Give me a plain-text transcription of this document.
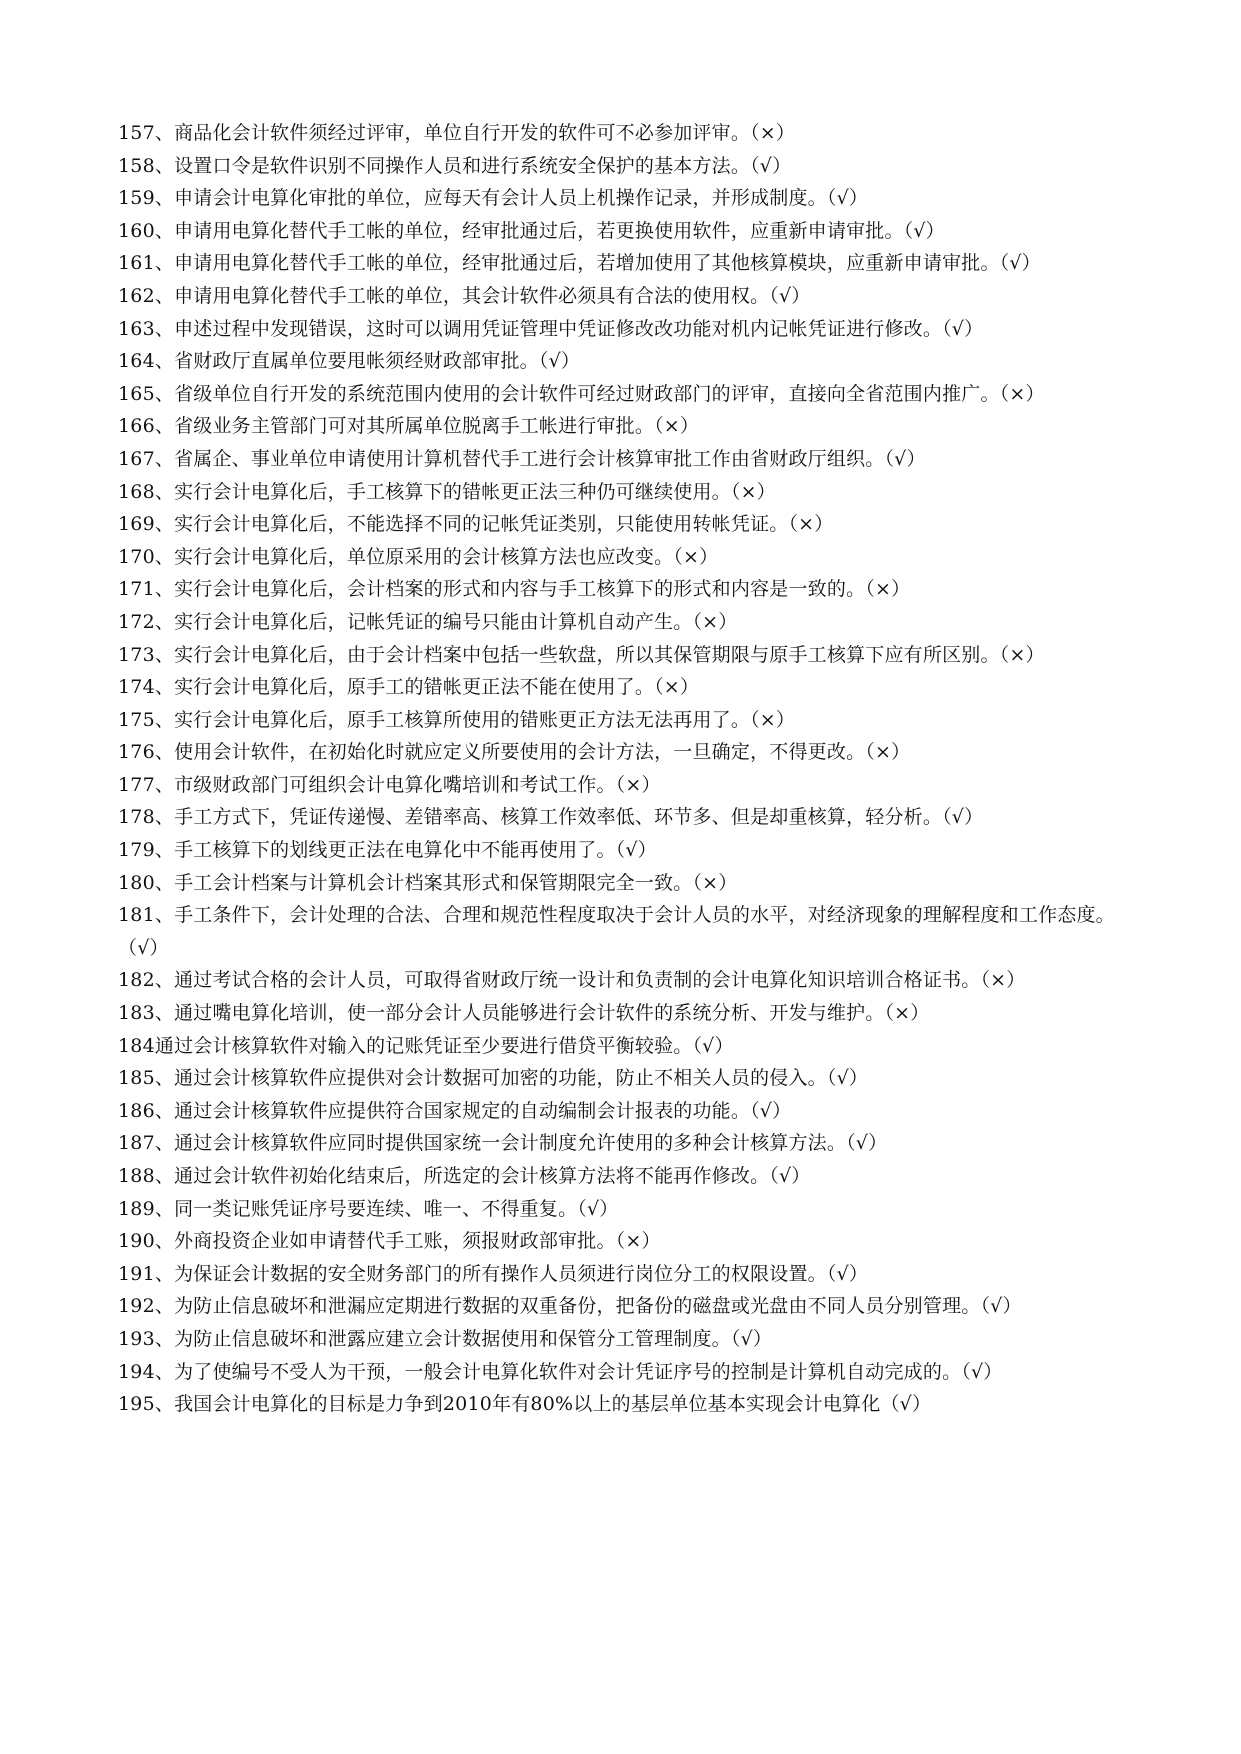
157、商品化会计软件须经过评审，单位自行开发的软件可不必参加评审。（×）

158、设置口令是软件识别不同操作人员和进行系统安全保护的基本方法。（√）

159、申请会计电算化审批的单位，应每天有会计人员上机操作记录，并形成制度。（√）

160、申请用电算化替代手工帐的单位，经审批通过后，若更换使用软件，应重新申请审批。（√）

161、申请用电算化替代手工帐的单位，经审批通过后，若增加使用了其他核算模块，应重新申请审批。（√）

162、申请用电算化替代手工帐的单位，其会计软件必须具有合法的使用权。（√）

163、申述过程中发现错误，这时可以调用凭证管理中凭证修改改功能对机内记帐凭证进行修改。（√）

164、省财政厅直属单位要甩帐须经财政部审批。（√）

165、省级单位自行开发的系统范围内使用的会计软件可经过财政部门的评审，直接向全省范围内推广。（×）

166、省级业务主管部门可对其所属单位脱离手工帐进行审批。（×）

167、省属企、事业单位申请使用计算机替代手工进行会计核算审批工作由省财政厅组织。（√）

168、实行会计电算化后，手工核算下的错帐更正法三种仍可继续使用。（×）

169、实行会计电算化后，不能选择不同的记帐凭证类别，只能使用转帐凭证。（×）

170、实行会计电算化后，单位原采用的会计核算方法也应改变。（×）

171、实行会计电算化后，会计档案的形式和内容与手工核算下的形式和内容是一致的。（×）

172、实行会计电算化后，记帐凭证的编号只能由计算机自动产生。（×）

173、实行会计电算化后，由于会计档案中包括一些软盘，所以其保管期限与原手工核算下应有所区别。（×）

174、实行会计电算化后，原手工的错帐更正法不能在使用了。（×）

175、实行会计电算化后，原手工核算所使用的错账更正方法无法再用了。（×）

176、使用会计软件，在初始化时就应定义所要使用的会计方法，一旦确定，不得更改。（×）

177、市级财政部门可组织会计电算化嘴培训和考试工作。（×）

178、手工方式下，凭证传递慢、差错率高、核算工作效率低、环节多、但是却重核算，轻分析。（√）

179、手工核算下的划线更正法在电算化中不能再使用了。（√）

180、手工会计档案与计算机会计档案其形式和保管期限完全一致。（×）

181、手工条件下，会计处理的合法、合理和规范性程度取决于会计人员的水平，对经济现象的理解程度和工作态度。（√）

182、通过考试合格的会计人员，可取得省财政厅统一设计和负责制的会计电算化知识培训合格证书。（×）

183、通过嘴电算化培训，使一部分会计人员能够进行会计软件的系统分析、开发与维护。（×）

184通过会计核算软件对输入的记账凭证至少要进行借贷平衡较验。（√）

185、通过会计核算软件应提供对会计数据可加密的功能，防止不相关人员的侵入。（√）

186、通过会计核算软件应提供符合国家规定的自动编制会计报表的功能。（√）

187、通过会计核算软件应同时提供国家统一会计制度允许使用的多种会计核算方法。（√）

188、通过会计软件初始化结束后，所选定的会计核算方法将不能再作修改。（√）

189、同一类记账凭证序号要连续、唯一、不得重复。（√）

190、外商投资企业如申请替代手工账，须报财政部审批。（×）

191、为保证会计数据的安全财务部门的所有操作人员须进行岗位分工的权限设置。（√）

192、为防止信息破坏和泄漏应定期进行数据的双重备份，把备份的磁盘或光盘由不同人员分别管理。（√）

193、为防止信息破坏和泄露应建立会计数据使用和保管分工管理制度。（√）

194、为了使编号不受人为干预，一般会计电算化软件对会计凭证序号的控制是计算机自动完成的。（√）

195、我国会计电算化的目标是力争到2010年有80%以上的基层单位基本实现会计电算化（√）
